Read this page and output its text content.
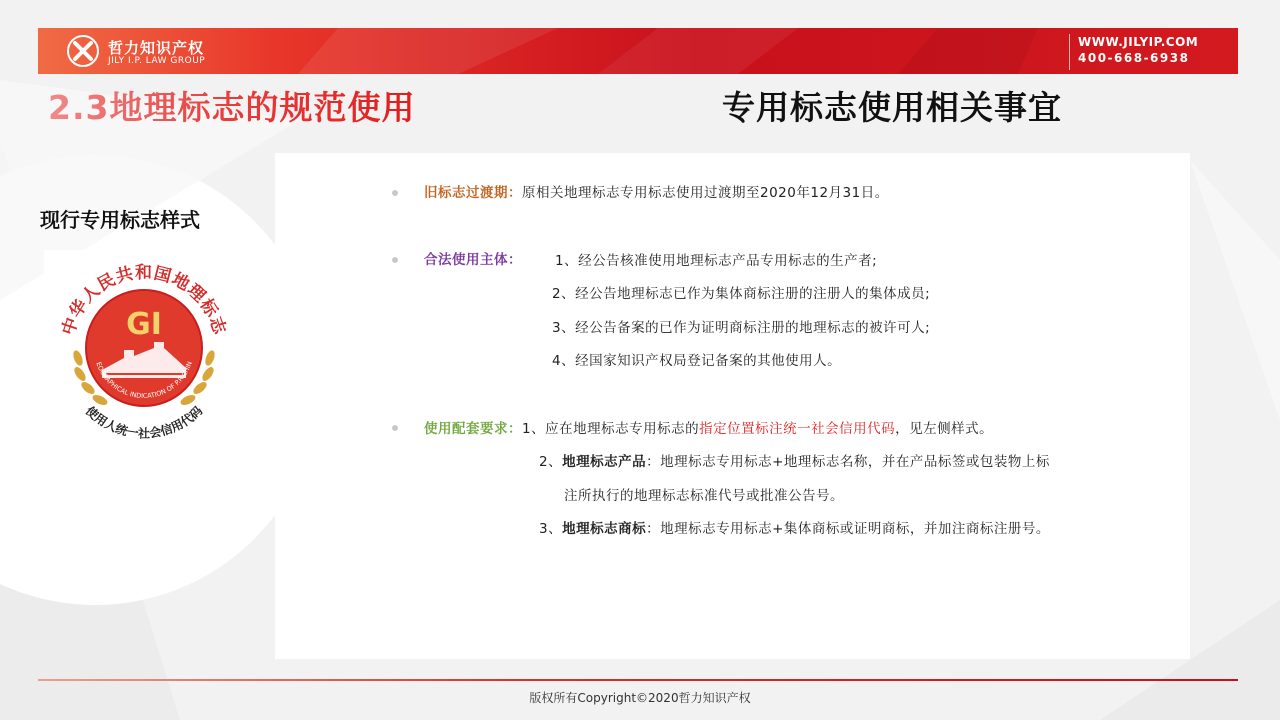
哲力知识产权
JILY I.P. LAW GROUP
WWW.JILYIP.COM
400-668-6938
2.3地理标志的规范使用	专用标志使用相关事宜
现行专用标志样式
中华人民共和国地理标志
GI
EOGRAPHICAL INDICATION OF P.R.CHIN
使用人统一社会信用代码
旧标志过渡期：原相关地理标志专用标志使用过渡期至2020年12月31日。
合法使用主体： 1、经公告核准使用地理标志产品专用标志的生产者;
2、经公告地理标志已作为集体商标注册的注册人的集体成员;
3、经公告备案的已作为证明商标注册的地理标志的被许可人;
4、经国家知识产权局登记备案的其他使用人。
使用配套要求：1、应在地理标志专用标志的指定位置标注统一社会信用代码，见左侧样式。
2、地理标志产品：地理标志专用标志+地理标志名称，并在产品标签或包装物上标
注所执行的地理标志标准代号或批准公告号。
3、地理标志商标：地理标志专用标志+集体商标或证明商标，并加注商标注册号。
版权所有Copyright©2020哲力知识产权
